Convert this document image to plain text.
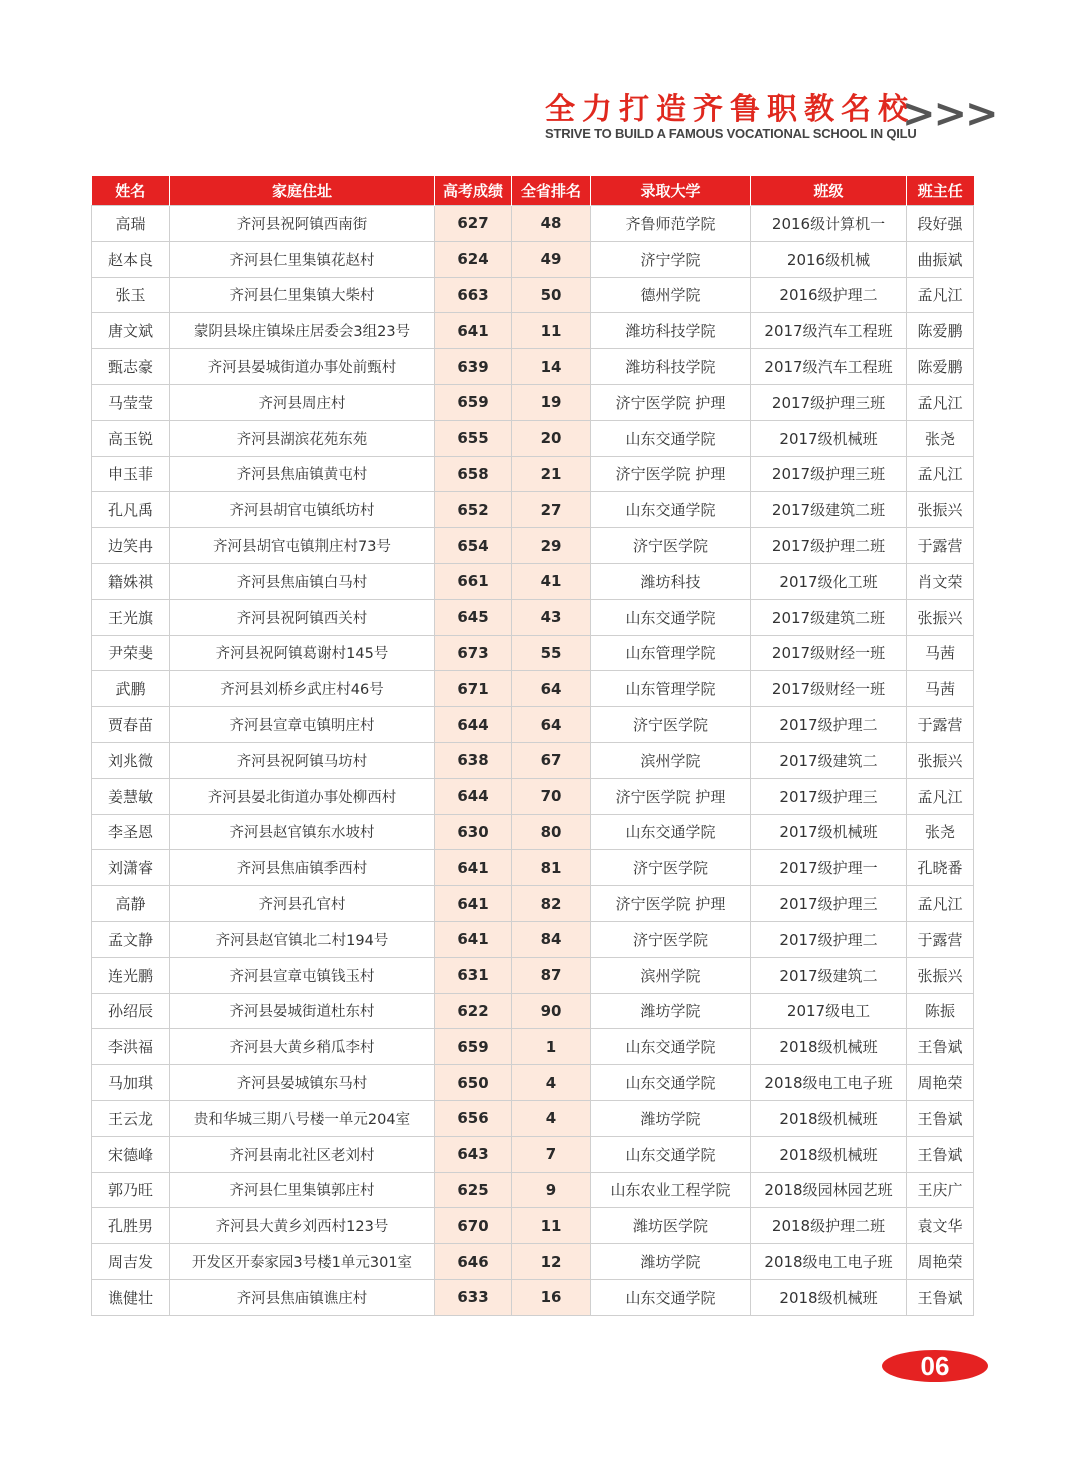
全力打造齐鲁职教名校
STRIVE TO BUILD A FAMOUS VOCATIONAL SCHOOL IN QILU
>>>
姓名	家庭住址	高考成绩	全省排名	录取大学	班级	班主任
高瑞	齐河县祝阿镇西南街	627	48	齐鲁师范学院	2016级计算机一	段好强
赵本良	齐河县仁里集镇花赵村	624	49	济宁学院	2016级机械	曲振斌
张玉	齐河县仁里集镇大柴村	663	50	德州学院	2016级护理二	孟凡江
唐文斌	蒙阴县垛庄镇垛庄居委会3组23号	641	11	潍坊科技学院	2017级汽车工程班	陈爱鹏
甄志豪	齐河县晏城街道办事处前甄村	639	14	潍坊科技学院	2017级汽车工程班	陈爱鹏
马莹莹	齐河县周庄村	659	19	济宁医学院 护理	2017级护理三班	孟凡江
高玉锐	齐河县湖滨花苑东苑	655	20	山东交通学院	2017级机械班	张尧
申玉菲	齐河县焦庙镇黄屯村	658	21	济宁医学院 护理	2017级护理三班	孟凡江
孔凡禹	齐河县胡官屯镇纸坊村	652	27	山东交通学院	2017级建筑二班	张振兴
边笑冉	齐河县胡官屯镇荆庄村73号	654	29	济宁医学院	2017级护理二班	于露营
籍姝祺	齐河县焦庙镇白马村	661	41	潍坊科技	2017级化工班	肖文荣
王光旗	齐河县祝阿镇西关村	645	43	山东交通学院	2017级建筑二班	张振兴
尹荣斐	齐河县祝阿镇葛谢村145号	673	55	山东管理学院	2017级财经一班	马茜
武鹏	齐河县刘桥乡武庄村46号	671	64	山东管理学院	2017级财经一班	马茜
贾春苗	齐河县宣章屯镇明庄村	644	64	济宁医学院	2017级护理二	于露营
刘兆微	齐河县祝阿镇马坊村	638	67	滨州学院	2017级建筑二	张振兴
姜慧敏	齐河县晏北街道办事处柳西村	644	70	济宁医学院 护理	2017级护理三	孟凡江
李圣恩	齐河县赵官镇东水坡村	630	80	山东交通学院	2017级机械班	张尧
刘潇睿	齐河县焦庙镇季西村	641	81	济宁医学院	2017级护理一	孔晓番
高静	齐河县孔官村	641	82	济宁医学院 护理	2017级护理三	孟凡江
孟文静	齐河县赵官镇北二村194号	641	84	济宁医学院	2017级护理二	于露营
连光鹏	齐河县宣章屯镇钱玉村	631	87	滨州学院	2017级建筑二	张振兴
孙绍辰	齐河县晏城街道杜东村	622	90	潍坊学院	2017级电工	陈振
李洪福	齐河县大黄乡稍瓜李村	659	1	山东交通学院	2018级机械班	王鲁斌
马加琪	齐河县晏城镇东马村	650	4	山东交通学院	2018级电工电子班	周艳荣
王云龙	贵和华城三期八号楼一单元204室	656	4	潍坊学院	2018级机械班	王鲁斌
宋德峰	齐河县南北社区老刘村	643	7	山东交通学院	2018级机械班	王鲁斌
郭乃旺	齐河县仁里集镇郭庄村	625	9	山东农业工程学院	2018级园林园艺班	王庆广
孔胜男	齐河县大黄乡刘西村123号	670	11	潍坊医学院	2018级护理二班	袁文华
周吉发	开发区开泰家园3号楼1单元301室	646	12	潍坊学院	2018级电工电子班	周艳荣
谯健壮	齐河县焦庙镇谯庄村	633	16	山东交通学院	2018级机械班	王鲁斌
06
